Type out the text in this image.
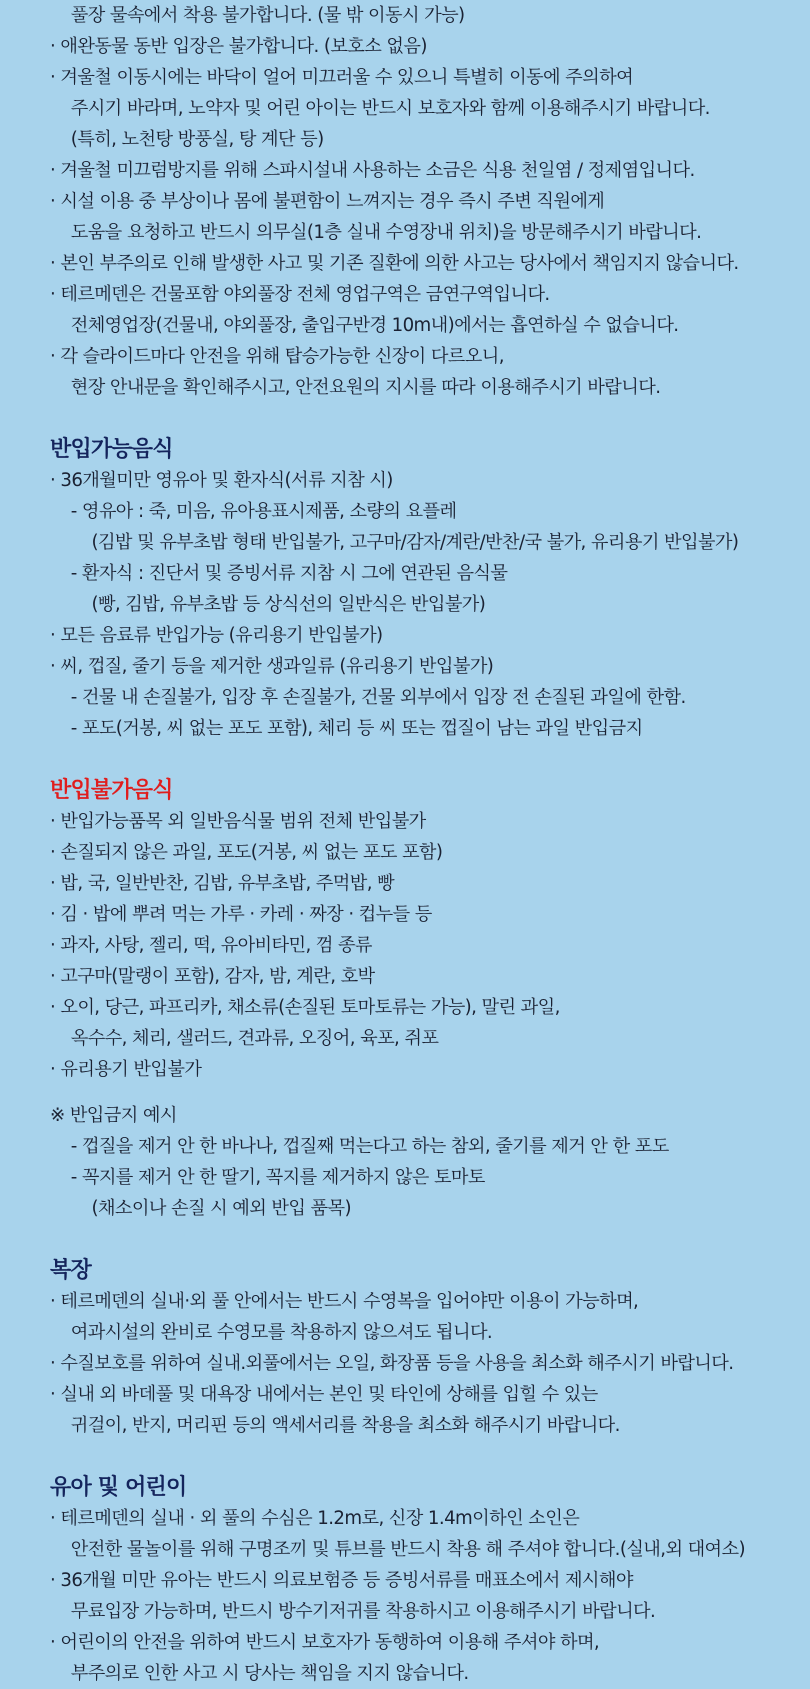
풀장 물속에서 착용 불가합니다. (물 밖 이동시 가능)
· 애완동물 동반 입장은 불가합니다. (보호소 없음)
· 겨울철 이동시에는 바닥이 얼어 미끄러울 수 있으니 특별히 이동에 주의하여
주시기 바라며, 노약자 및 어린 아이는 반드시 보호자와 함께 이용해주시기 바랍니다.
(특히, 노천탕 방풍실, 탕 계단 등)
· 겨울철 미끄럼방지를 위해 스파시설내 사용하는 소금은 식용 천일염 / 정제염입니다.
· 시설 이용 중 부상이나 몸에 불편함이 느껴지는 경우 즉시 주변 직원에게
도움을 요청하고 반드시 의무실(1층 실내 수영장내 위치)을 방문해주시기 바랍니다.
· 본인 부주의로 인해 발생한 사고 및 기존 질환에 의한 사고는 당사에서 책임지지 않습니다.
· 테르메덴은 건물포함 야외풀장 전체 영업구역은 금연구역입니다.
전체영업장(건물내, 야외풀장, 출입구반경 10m내)에서는 흡연하실 수 없습니다.
· 각 슬라이드마다 안전을 위해 탑승가능한 신장이 다르오니,
현장 안내문을 확인해주시고, 안전요원의 지시를 따라 이용해주시기 바랍니다.
반입가능음식
· 36개월미만 영유아 및 환자식(서류 지참 시)
- 영유아 : 죽, 미음, 유아용표시제품, 소량의 요플레
(김밥 및 유부초밥 형태 반입불가, 고구마/감자/계란/반찬/국 불가, 유리용기 반입불가)
- 환자식 : 진단서 및 증빙서류 지참 시 그에 연관된 음식물
(빵, 김밥, 유부초밥 등 상식선의 일반식은 반입불가)
· 모든 음료류 반입가능 (유리용기 반입불가)
· 씨, 껍질, 줄기 등을 제거한 생과일류 (유리용기 반입불가)
- 건물 내 손질불가, 입장 후 손질불가, 건물 외부에서 입장 전 손질된 과일에 한함.
- 포도(거봉, 씨 없는 포도 포함), 체리 등 씨 또는 껍질이 남는 과일 반입금지
반입불가음식
· 반입가능품목 외 일반음식물 범위 전체 반입불가
· 손질되지 않은 과일, 포도(거봉, 씨 없는 포도 포함)
· 밥, 국, 일반반찬, 김밥, 유부초밥, 주먹밥, 빵
· 김 · 밥에 뿌려 먹는 가루 · 카레 · 짜장 · 컵누들 등
· 과자, 사탕, 젤리, 떡, 유아비타민, 껌 종류
· 고구마(말랭이 포함), 감자, 밤, 계란, 호박
· 오이, 당근, 파프리카, 채소류(손질된 토마토류는 가능), 말린 과일,
옥수수, 체리, 샐러드, 견과류, 오징어, 육포, 쥐포
· 유리용기 반입불가
※ 반입금지 예시
- 껍질을 제거 안 한 바나나, 껍질째 먹는다고 하는 참외, 줄기를 제거 안 한 포도
- 꼭지를 제거 안 한 딸기, 꼭지를 제거하지 않은 토마토
(채소이나 손질 시 예외 반입 품목)
복장
· 테르메덴의 실내·외 풀 안에서는 반드시 수영복을 입어야만 이용이 가능하며,
여과시설의 완비로 수영모를 착용하지 않으셔도 됩니다.
· 수질보호를 위하여 실내.외풀에서는 오일, 화장품 등을 사용을 최소화 해주시기 바랍니다.
· 실내 외 바데풀 및 대욕장 내에서는 본인 및 타인에 상해를 입힐 수 있는
귀걸이, 반지, 머리핀 등의 액세서리를 착용을 최소화 해주시기 바랍니다.
유아 및 어린이
· 테르메덴의 실내 · 외 풀의 수심은 1.2m로, 신장 1.4m이하인 소인은
안전한 물놀이를 위해 구명조끼 및 튜브를 반드시 착용 해 주셔야 합니다.(실내,외 대여소)
· 36개월 미만 유아는 반드시 의료보험증 등 증빙서류를 매표소에서 제시해야
무료입장 가능하며, 반드시 방수기저귀를 착용하시고 이용해주시기 바랍니다.
· 어린이의 안전을 위하여 반드시 보호자가 동행하여 이용해 주셔야 하며,
부주의로 인한 사고 시 당사는 책임을 지지 않습니다.
